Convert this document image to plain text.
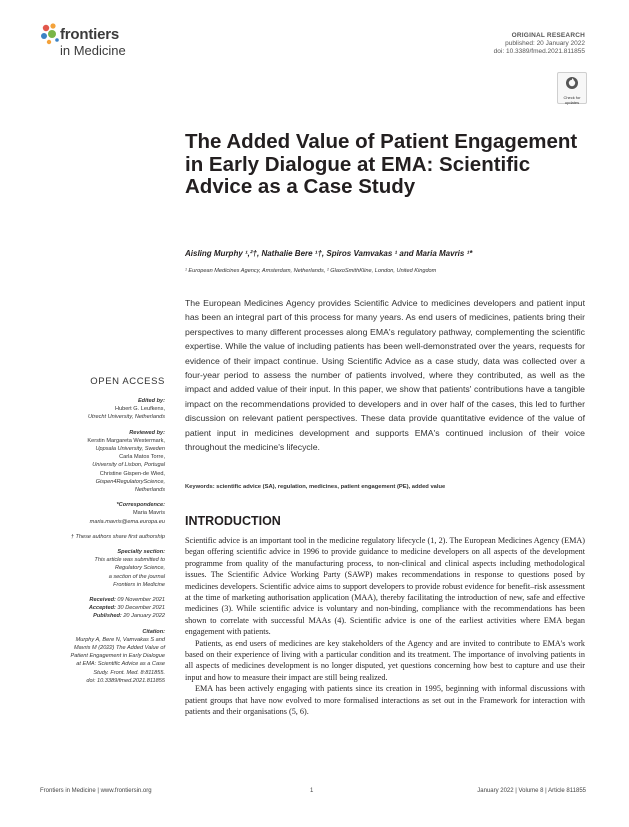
frontiers
in Medicine
ORIGINAL RESEARCH
published: 20 January 2022
doi: 10.3389/fmed.2021.811855
Check for
updates
The Added Value of Patient Engagement in Early Dialogue at EMA: Scientific Advice as a Case Study
Aisling Murphy ¹,²†, Nathalie Bere ¹†, Spiros Vamvakas ¹ and Maria Mavris ¹*
¹ European Medicines Agency, Amsterdam, Netherlands, ² GlaxoSmithKline, London, United Kingdom
The European Medicines Agency provides Scientific Advice to medicines developers and patient input has been an integral part of this process for many years. As end users of medicines, patients bring their perspectives to many different processes along EMA's regulatory pathway, complementing the scientific expertise. While the value of including patients has been well-demonstrated over the years, requests for evidence of their impact continue. Using Scientific Advice as a case study, data was collected over a four-year period to assess the number of patients involved, where they contributed, as well as the impact and added value of their input. In this paper, we show that patients' contributions have a tangible impact on the recommendations provided to developers and in over half of the cases, this led to further discussion on relevant patient perspectives. These data provide quantitative evidence of the value of patient input in medicines development and supports EMA's continued inclusion of their voice throughout the medicine's lifecycle.
Keywords: scientific advice (SA), regulation, medicines, patient engagement (PE), added value
INTRODUCTION

Scientific advice is an important tool in the medicine regulatory lifecycle (1, 2). The European Medicines Agency (EMA) began offering scientific advice in 1996 to provide guidance to medicine developers on all aspects of the development programme from quality of the manufacturing process, to non-clinical and clinical aspects including methodological issues. The Scientific Advice Working Party (SAWP) makes recommendations in response to questions posed by medicines developers. Scientific advice aims to support developers to provide robust evidence for benefit–risk assessment at the time of marketing authorisation application (MAA), thereby facilitating the introduction of new, safe and effective medicines (3). While scientific advice is voluntary and non-binding, compliance with the recommendations has been shown to correlate with successful MAAs (4). Scientific advice is one of the earliest activities where EMA began engagement with patients.

Patients, as end users of medicines are key stakeholders of the Agency and are invited to contribute to EMA's work based on their experience of living with a particular condition and its treatment. The importance of involving patients in all aspects of medicines development is no longer disputed, yet questions concerning how best to capture and use their input and how to measure their impact are still being realized.

EMA has been actively engaging with patients since its creation in 1995, beginning with informal discussions with patient groups that have now evolved to more formalised interactions as set out in the Framework for interaction with patients and their organisations (5, 6).

OPEN ACCESS
Edited by:
Hubert G. Leufkens,
Utrecht University, Netherlands
Reviewed by:
Kerstin Margareta Westermark,
Uppsala University, Sweden
Carla Matos Torre,
University of Lisbon, Portugal
Christine Gispen-de Wied,
Gispen4RegulatoryScience,
Netherlands
*Correspondence:
Maria Mavris
maria.mavris@ema.europa.eu
† These authors share first authorship
Specialty section:
This article was submitted to
Regulatory Science,
a section of the journal
Frontiers in Medicine
Received: 09 November 2021
Accepted: 30 December 2021
Published: 20 January 2022
Citation:
Murphy A, Bere N, Vamvakas S and
Mavris M (2022) The Added Value of
Patient Engagement in Early Dialogue
at EMA: Scientific Advice as a Case
Study. Front. Med. 8:811855.
doi: 10.3389/fmed.2021.811855
Frontiers in Medicine | www.frontiersin.org	1	January 2022 | Volume 8 | Article 811855
